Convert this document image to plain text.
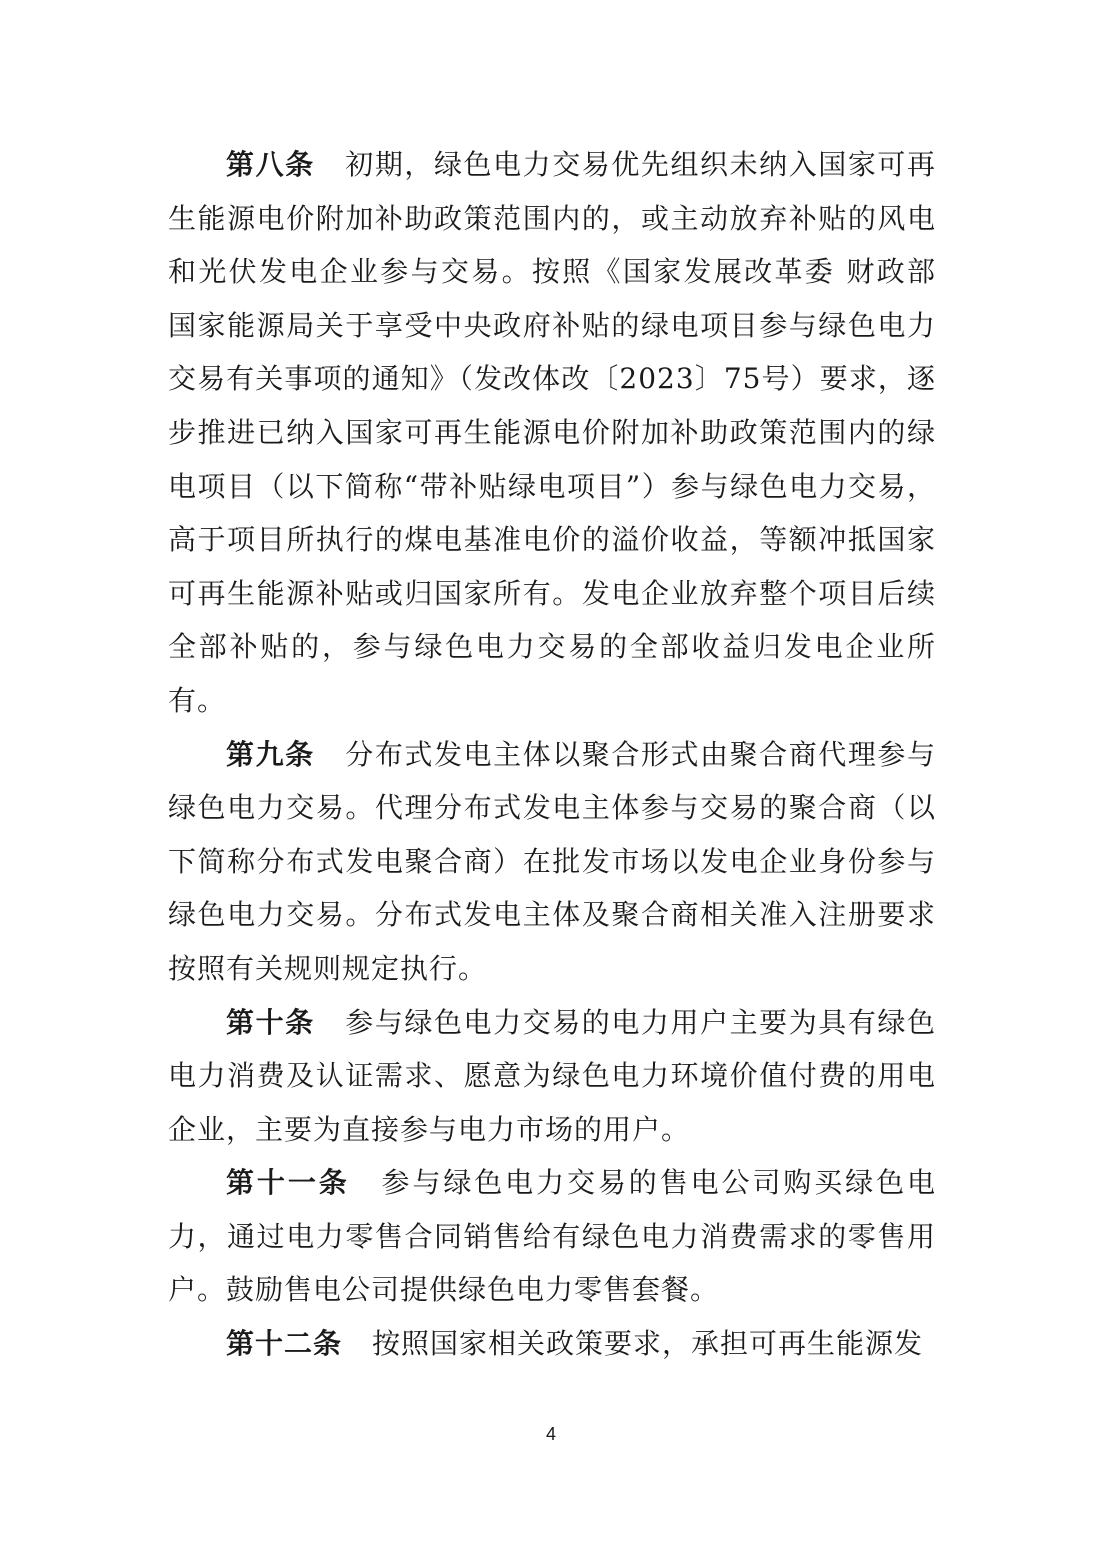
第八条 初期，绿色电力交易优先组织未纳入国家可再生能源电价附加补助政策范围内的，或主动放弃补贴的风电和光伏发电企业参与交易。按照《国家发展改革委 财政部 国家能源局关于享受中央政府补贴的绿电项目参与绿色电力交易有关事项的通知》（发改体改〔2023〕75号）要求，逐步推进已纳入国家可再生能源电价附加补助政策范围内的绿电项目（以下简称“带补贴绿电项目”）参与绿色电力交易，高于项目所执行的煤电基准电价的溢价收益，等额冲抵国家可再生能源补贴或归国家所有。发电企业放弃整个项目后续全部补贴的，参与绿色电力交易的全部收益归发电企业所有。

第九条 分布式发电主体以聚合形式由聚合商代理参与绿色电力交易。代理分布式发电主体参与交易的聚合商（以下简称分布式发电聚合商）在批发市场以发电企业身份参与绿色电力交易。分布式发电主体及聚合商相关准入注册要求按照有关规则规定执行。

第十条 参与绿色电力交易的电力用户主要为具有绿色电力消费及认证需求、愿意为绿色电力环境价值付费的用电企业，主要为直接参与电力市场的用户。

第十一条 参与绿色电力交易的售电公司购买绿色电力，通过电力零售合同销售给有绿色电力消费需求的零售用户。鼓励售电公司提供绿色电力零售套餐。

第十二条 按照国家相关政策要求，承担可再生能源发

4
